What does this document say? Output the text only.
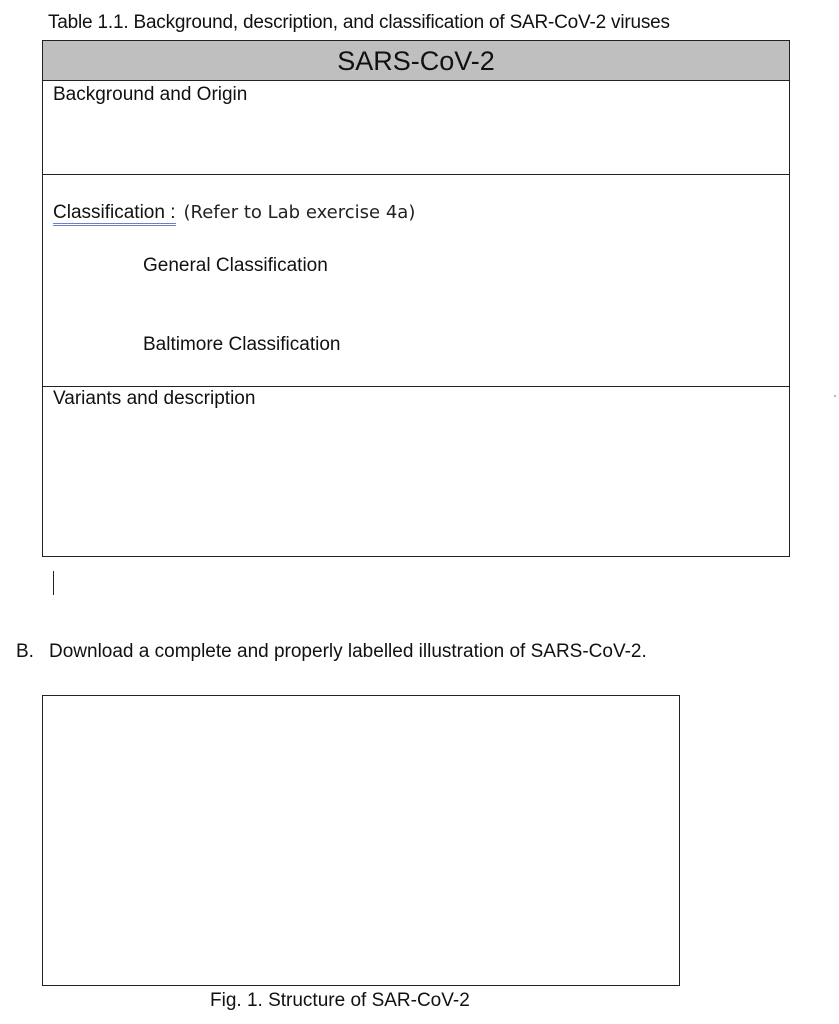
Table 1.1. Background, description, and classification of SAR-CoV-2 viruses
SARS-CoV-2
Background and Origin
Classification : (Refer to Lab exercise 4a)
General Classification
Baltimore Classification
Variants and description
B. Download a complete and properly labelled illustration of SARS-CoV-2.
Fig. 1. Structure of SAR-CoV-2
